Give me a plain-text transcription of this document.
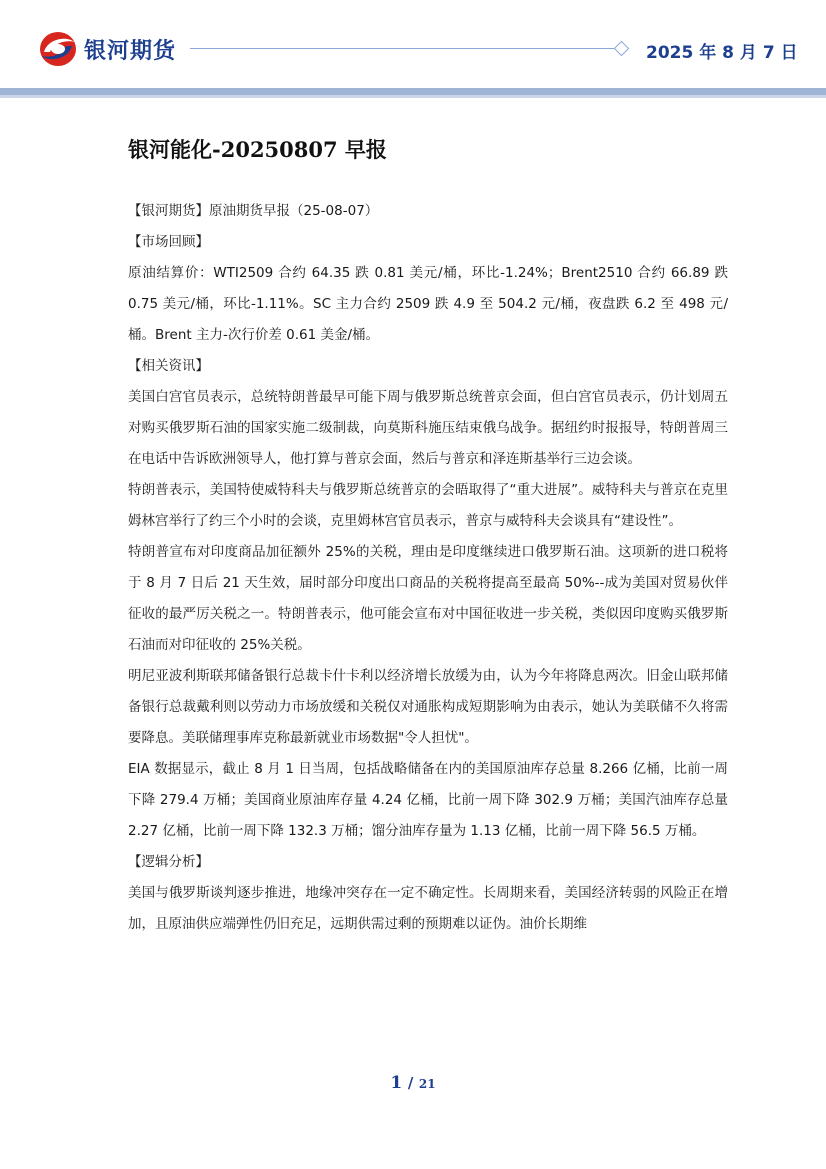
银河期货	2025 年 8 月 7 日
银河能化-20250807 早报

【银河期货】原油期货早报（25-08-07）

【市场回顾】

原油结算价：WTI2509 合约 64.35 跌 0.81 美元/桶，环比-1.24%；Brent2510 合约 66.89 跌 0.75 美元/桶，环比-1.11%。SC 主力合约 2509 跌 4.9 至 504.2 元/桶，夜盘跌 6.2 至 498 元/桶。Brent 主力-次行价差 0.61 美金/桶。

【相关资讯】

美国白宫官员表示，总统特朗普最早可能下周与俄罗斯总统普京会面，但白宫官员表示，仍计划周五对购买俄罗斯石油的国家实施二级制裁，向莫斯科施压结束俄乌战争。据纽约时报报导，特朗普周三在电话中告诉欧洲领导人，他打算与普京会面，然后与普京和泽连斯基举行三边会谈。

特朗普表示，美国特使威特科夫与俄罗斯总统普京的会晤取得了“重大进展”。威特科夫与普京在克里姆林宫举行了约三个小时的会谈，克里姆林宫官员表示，普京与威特科夫会谈具有“建设性”。

特朗普宣布对印度商品加征额外 25%的关税，理由是印度继续进口俄罗斯石油。这项新的进口税将于 8 月 7 日后 21 天生效，届时部分印度出口商品的关税将提高至最高 50%--成为美国对贸易伙伴征收的最严厉关税之一。特朗普表示，他可能会宣布对中国征收进一步关税，类似因印度购买俄罗斯石油而对印征收的 25%关税。

明尼亚波利斯联邦储备银行总裁卡什卡利以经济增长放缓为由，认为今年将降息两次。旧金山联邦储备银行总裁戴利则以劳动力市场放缓和关税仅对通胀构成短期影响为由表示，她认为美联储不久将需要降息。美联储理事库克称最新就业市场数据"令人担忧"。

EIA 数据显示，截止 8 月 1 日当周，包括战略储备在内的美国原油库存总量 8.266 亿桶，比前一周下降 279.4 万桶；美国商业原油库存量 4.24 亿桶，比前一周下降 302.9 万桶；美国汽油库存总量 2.27 亿桶，比前一周下降 132.3 万桶；馏分油库存量为 1.13 亿桶，比前一周下降 56.5 万桶。

【逻辑分析】

美国与俄罗斯谈判逐步推进，地缘冲突存在一定不确定性。长周期来看，美国经济转弱的风险正在增加，且原油供应端弹性仍旧充足，远期供需过剩的预期难以证伪。油价长期维

1 / 21
